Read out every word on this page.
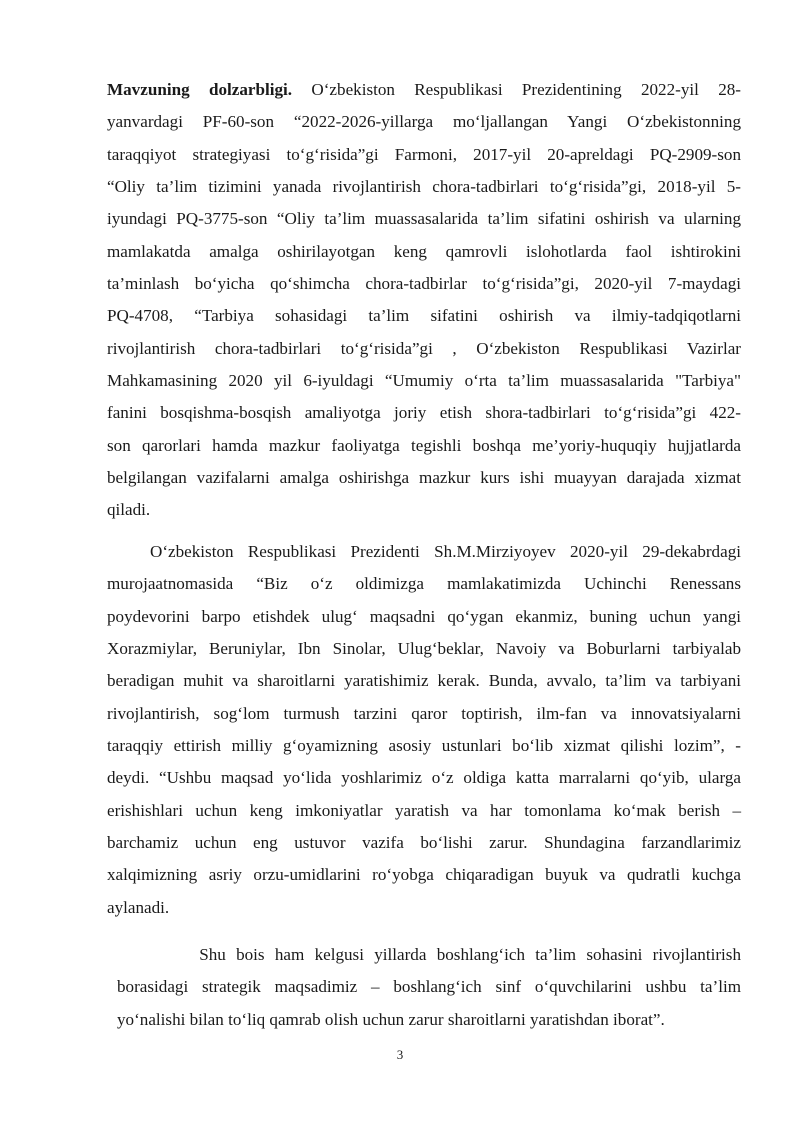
Mavzuning dolzarbligi. O‘zbekiston Respublikasi Prezidentining 2022-yil 28-
yanvardagi PF-60-son “2022-2026-yillarga mo‘ljallangan Yangi O‘zbekistonning
taraqqiyot strategiyasi to‘g‘risida”gi Farmoni, 2017-yil 20-apreldagi PQ-2909-son
“Oliy ta’lim tizimini yanada rivojlantirish chora-tadbirlari to‘g‘risida”gi, 2018-yil 5-
iyundagi PQ-3775-son “Oliy ta’lim muassasalarida ta’lim sifatini oshirish va ularning
mamlakatda amalga oshirilayotgan keng qamrovli islohotlarda faol ishtirokini
ta’minlash bo‘yicha qo‘shimcha chora-tadbirlar to‘g‘risida”gi, 2020-yil 7-maydagi
PQ-4708, “Tarbiya sohasidagi ta’lim sifatini oshirish va ilmiy-tadqiqotlarni
rivojlantirish chora-tadbirlari to‘g‘risida”gi , O‘zbekiston Respublikasi Vazirlar
Mahkamasining 2020 yil 6-iyuldagi “Umumiy o‘rta ta’lim muassasalarida "Tarbiya"
fanini bosqishma-bosqish amaliyotga joriy etish shora-tadbirlari to‘g‘risida”gi 422-
son qarorlari hamda mazkur faoliyatga tegishli boshqa me’yoriy-huquqiy hujjatlarda
belgilangan vazifalarni amalga oshirishga mazkur kurs ishi muayyan darajada xizmat
qiladi.
O‘zbekiston Respublikasi Prezidenti Sh.M.Mirziyoyev 2020-yil 29-dekabrdagi
murojaatnomasida “Biz o‘z oldimizga mamlakatimizda Uchinchi Renessans
poydevorini barpo etishdek ulug‘ maqsadni qo‘ygan ekanmiz, buning uchun yangi
Xorazmiylar, Beruniylar, Ibn Sinolar, Ulug‘beklar, Navoiy va Boburlarni tarbiyalab
beradigan muhit va sharoitlarni yaratishimiz kerak. Bunda, avvalo, ta’lim va tarbiyani
rivojlantirish, sog‘lom turmush tarzini qaror toptirish, ilm-fan va innovatsiyalarni
taraqqiy ettirish milliy g‘oyamizning asosiy ustunlari bo‘lib xizmat qilishi lozim”, -
deydi. “Ushbu maqsad yo‘lida yoshlarimiz o‘z oldiga katta marralarni qo‘yib, ularga
erishishlari uchun keng imkoniyatlar yaratish va har tomonlama ko‘mak berish –
barchamiz uchun eng ustuvor vazifa bo‘lishi zarur. Shundagina farzandlarimiz
xalqimizning asriy orzu-umidlarini ro‘yobga chiqaradigan buyuk va qudratli kuchga
aylanadi.
Shu bois ham kelgusi yillarda boshlang‘ich ta’lim sohasini rivojlantirish
borasidagi strategik maqsadimiz – boshlang‘ich sinf o‘quvchilarini ushbu ta’lim
yo‘nalishi bilan to‘liq qamrab olish uchun zarur sharoitlarni yaratishdan iborat”.
3
